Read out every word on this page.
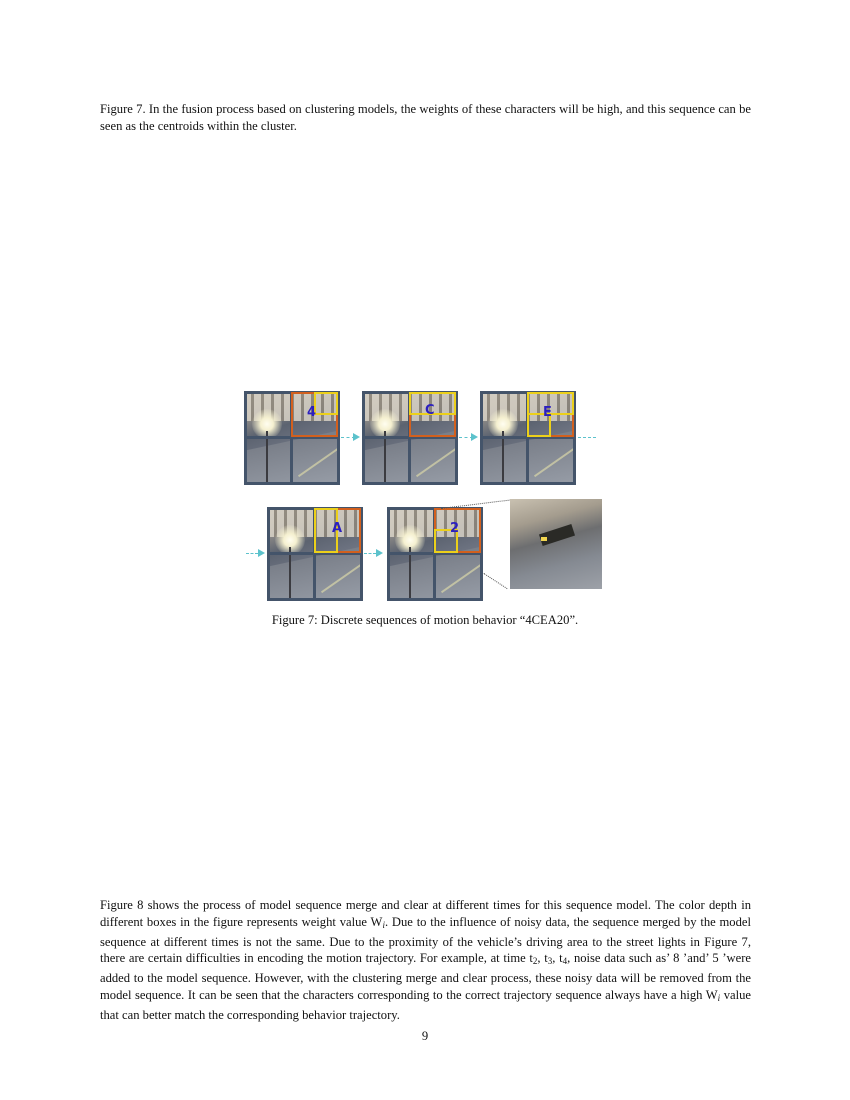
Figure 7. In the fusion process based on clustering models, the weights of these characters will be high, and this sequence can be seen as the centroids within the cluster.
4	C	E
A	2
Figure 7: Discrete sequences of motion behavior “4CEA20”.
Figure 8 shows the process of model sequence merge and clear at different times for this sequence model. The color depth in different boxes in the figure represents weight value $W_i$. Due to the influence of noisy data, the sequence merged by the model sequence at different times is not the same. Due to the proximity of the vehicle’s driving area to the street lights in Figure 7, there are certain difficulties in encoding the motion trajectory. For example, at time $t_2$, $t_3$, $t_4$, noise data such as’ 8 ’and’ 5 ’were added to the model sequence. However, with the clustering merge and clear process, these noisy data will be removed from the model sequence. It can be seen that the characters corresponding to the correct trajectory sequence always have a high $W_i$ value that can better match the corresponding behavior trajectory.
9
